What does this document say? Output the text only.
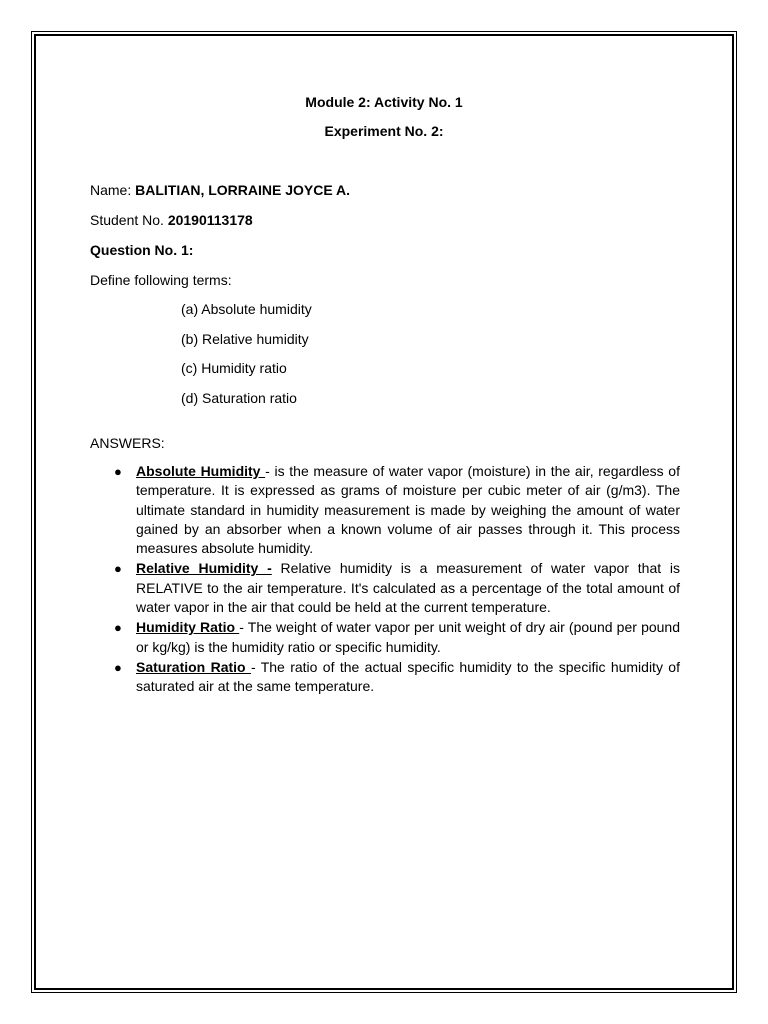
Module 2: Activity No. 1
Experiment No. 2:
Name: BALITIAN, LORRAINE JOYCE A.
Student No. 20190113178
Question No. 1:
Define following terms:
(a) Absolute humidity
(b) Relative humidity
(c) Humidity ratio
(d) Saturation ratio
ANSWERS:
● Absolute Humidity - is the measure of water vapor (moisture) in the air, regardless of temperature. It is expressed as grams of moisture per cubic meter of air (g/m3). The ultimate standard in humidity measurement is made by weighing the amount of water gained by an absorber when a known volume of air passes through it. This process measures absolute humidity.
● Relative Humidity - Relative humidity is a measurement of water vapor that is RELATIVE to the air temperature. It's calculated as a percentage of the total amount of water vapor in the air that could be held at the current temperature.
● Humidity Ratio - The weight of water vapor per unit weight of dry air (pound per pound or kg/kg) is the humidity ratio or specific humidity.
● Saturation Ratio - The ratio of the actual specific humidity to the specific humidity of saturated air at the same temperature.
